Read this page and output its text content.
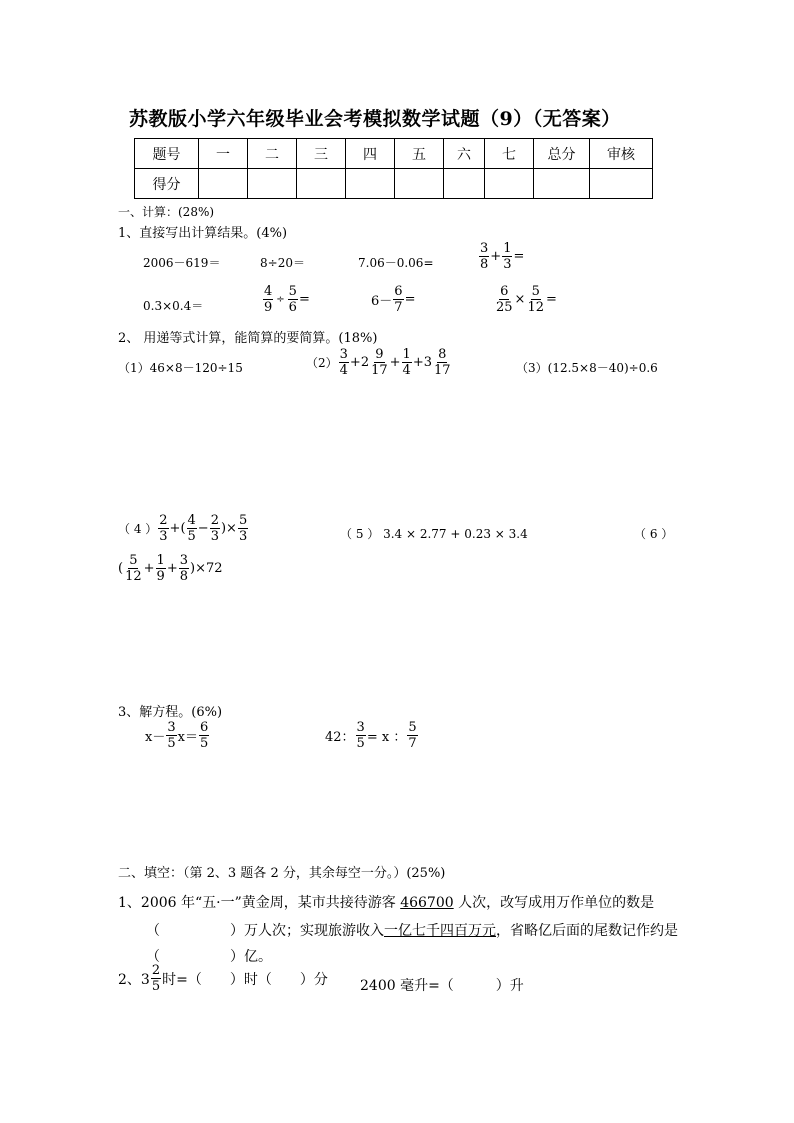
苏教版小学六年级毕业会考模拟数学试题（9）（无答案）
题号	一	二	三	四	五	六	七	总分	审核
得分									
一、计算：(28%)
1、直接写出计算结果。(4%)
2006－619＝	8÷20＝	7.06－0.06=	$\frac{3}{8} + \frac{1}{3}$ =
0.3×0.4＝	$\frac{4}{9} \div \frac{5}{6}$ =	$6- \frac{6}{7}$ =	$\frac{6}{25} \times \frac{5}{12}$ =
2、 用递等式计算，能简算的要简算。(18%)
（1）46×8－120÷15	$(2) \frac{3}{4} +2 \frac{9}{17} + \frac{1}{4} +3 \frac{8}{17}$	（3）(12.5×8－40)÷0.6
（ 4 ） $\frac{2}{3}$ +( $\frac{4}{5} - \frac{2}{3}$ )× $\frac{5}{3}$	（ 5 ） 3.4 × 2.77 + 0.23 × 3.4	（ 6 ）
( $\frac{5}{12} + \frac{1}{9} + \frac{3}{8} )\times 72$
3、解方程。(6%)
$x- \frac{3}{5} x= \frac{6}{5}$	42： $\frac{3}{5} = x$ ： $\frac{5}{7}$
二、填空：（第 2、3 题各 2 分，其余每空一分。）(25%)
1、2006 年“五·一”黄金周，某市共接待游客 466700 人次，改写成用万作单位的数是
（　　　　　）万人次；实现旅游收入一亿七千四百万元，省略亿后面的尾数记作约是
（　　　　　）亿。
2、$3 \frac{2}{5}$ 时=（　　）时（　　）分 2400 毫升=（　　　）升
